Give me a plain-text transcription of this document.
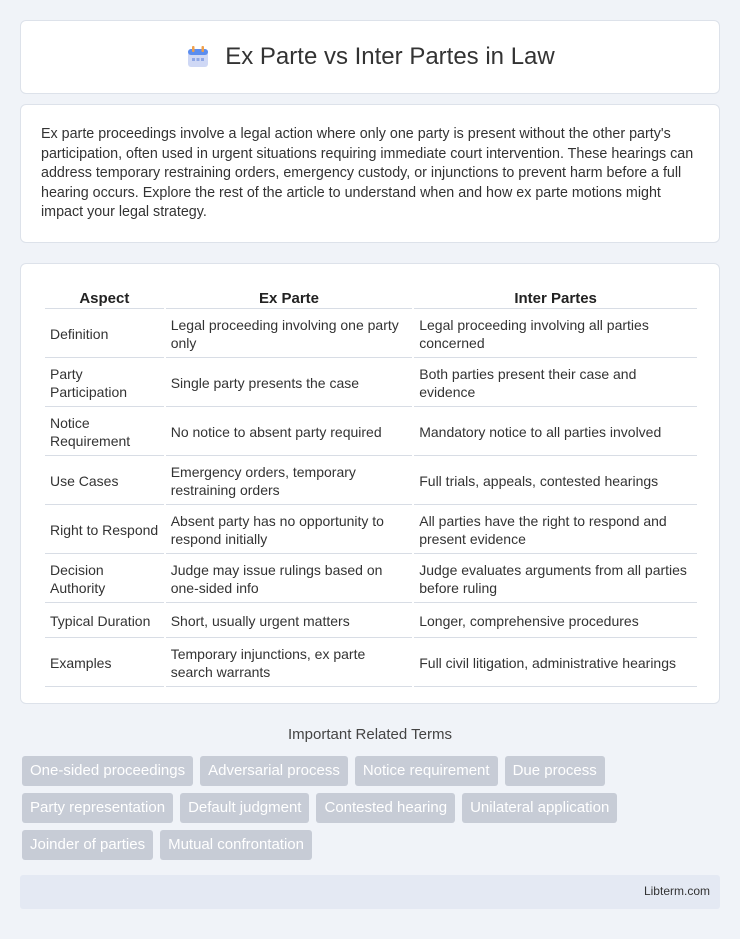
Ex Parte vs Inter Partes in Law

Ex parte proceedings involve a legal action where only one party is present without the other party's participation, often used in urgent situations requiring immediate court intervention. These hearings can address temporary restraining orders, emergency custody, or injunctions to prevent harm before a full hearing occurs. Explore the rest of the article to understand when and how ex parte motions might impact your legal strategy.

Aspect	Ex Parte	Inter Partes
Definition	Legal proceeding involving one party only	Legal proceeding involving all parties concerned
Party Participation	Single party presents the case	Both parties present their case and evidence
Notice Requirement	No notice to absent party required	Mandatory notice to all parties involved
Use Cases	Emergency orders, temporary restraining orders	Full trials, appeals, contested hearings
Right to Respond	Absent party has no opportunity to respond initially	All parties have the right to respond and present evidence
Decision Authority	Judge may issue rulings based on one-sided info	Judge evaluates arguments from all parties before ruling
Typical Duration	Short, usually urgent matters	Longer, comprehensive procedures
Examples	Temporary injunctions, ex parte search warrants	Full civil litigation, administrative hearings
Important Related Terms
One-sided proceedings	Adversarial process	Notice requirement	Due process
Party representation	Default judgment	Contested hearing	Unilateral application
Joinder of parties	Mutual confrontation
Libterm.com
